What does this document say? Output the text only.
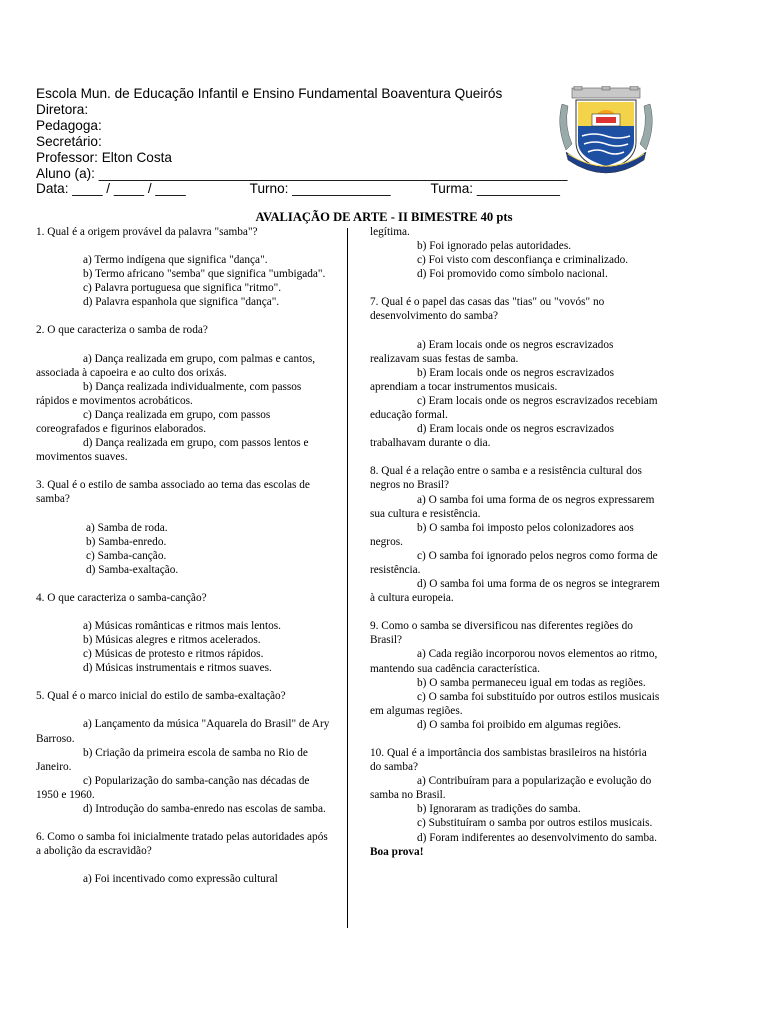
Escola Mun. de Educação Infantil e Ensino Fundamental Boaventura Queirós
Diretora:
Pedagoga:
Secretário:
Professor: Elton Costa
Aluno (a): ______________________________________________________________
Data: ____ / ____ / ____	Turno: _____________	Turma: ___________
AVALIAÇÃO DE ARTE - II BIMESTRE 40 pts

1. Qual é a origem provável da palavra "samba"?

a) Termo indígena que significa "dança".

b) Termo africano "semba" que significa "umbigada".

c) Palavra portuguesa que significa "ritmo".

d) Palavra espanhola que significa "dança".

2. O que caracteriza o samba de roda?

a) Dança realizada em grupo, com palmas e cantos, associada à capoeira e ao culto dos orixás.

b) Dança realizada individualmente, com passos rápidos e movimentos acrobáticos.

c) Dança realizada em grupo, com passos coreografados e figurinos elaborados.

d) Dança realizada em grupo, com passos lentos e movimentos suaves.

3. Qual é o estilo de samba associado ao tema das escolas de samba?

a) Samba de roda.

b) Samba-enredo.

c) Samba-canção.

d) Samba-exaltação.

4. O que caracteriza o samba-canção?

a) Músicas românticas e ritmos mais lentos.

b) Músicas alegres e ritmos acelerados.

c) Músicas de protesto e ritmos rápidos.

d) Músicas instrumentais e ritmos suaves.

5. Qual é o marco inicial do estilo de samba-exaltação?

a) Lançamento da música "Aquarela do Brasil" de Ary Barroso.

b) Criação da primeira escola de samba no Rio de Janeiro.

c) Popularização do samba-canção nas décadas de 1950 e 1960.

d) Introdução do samba-enredo nas escolas de samba.

6. Como o samba foi inicialmente tratado pelas autoridades após a abolição da escravidão?

a) Foi incentivado como expressão cultural

legítima.

b) Foi ignorado pelas autoridades.

c) Foi visto com desconfiança e criminalizado.

d) Foi promovido como símbolo nacional.

7. Qual é o papel das casas das "tias" ou "vovós" no desenvolvimento do samba?

a) Eram locais onde os negros escravizados realizavam suas festas de samba.

b) Eram locais onde os negros escravizados aprendiam a tocar instrumentos musicais.

c) Eram locais onde os negros escravizados recebiam educação formal.

d) Eram locais onde os negros escravizados trabalhavam durante o dia.

8. Qual é a relação entre o samba e a resistência cultural dos negros no Brasil?

a) O samba foi uma forma de os negros expressarem sua cultura e resistência.

b) O samba foi imposto pelos colonizadores aos negros.

c) O samba foi ignorado pelos negros como forma de resistência.

d) O samba foi uma forma de os negros se integrarem à cultura europeia.

9. Como o samba se diversificou nas diferentes regiões do Brasil?

a) Cada região incorporou novos elementos ao ritmo, mantendo sua cadência característica.

b) O samba permaneceu igual em todas as regiões.

c) O samba foi substituído por outros estilos musicais em algumas regiões.

d) O samba foi proibido em algumas regiões.

10. Qual é a importância dos sambistas brasileiros na história do samba?

a) Contribuíram para a popularização e evolução do samba no Brasil.

b) Ignoraram as tradições do samba.

c) Substituíram o samba por outros estilos musicais.

d) Foram indiferentes ao desenvolvimento do samba.

Boa prova!
